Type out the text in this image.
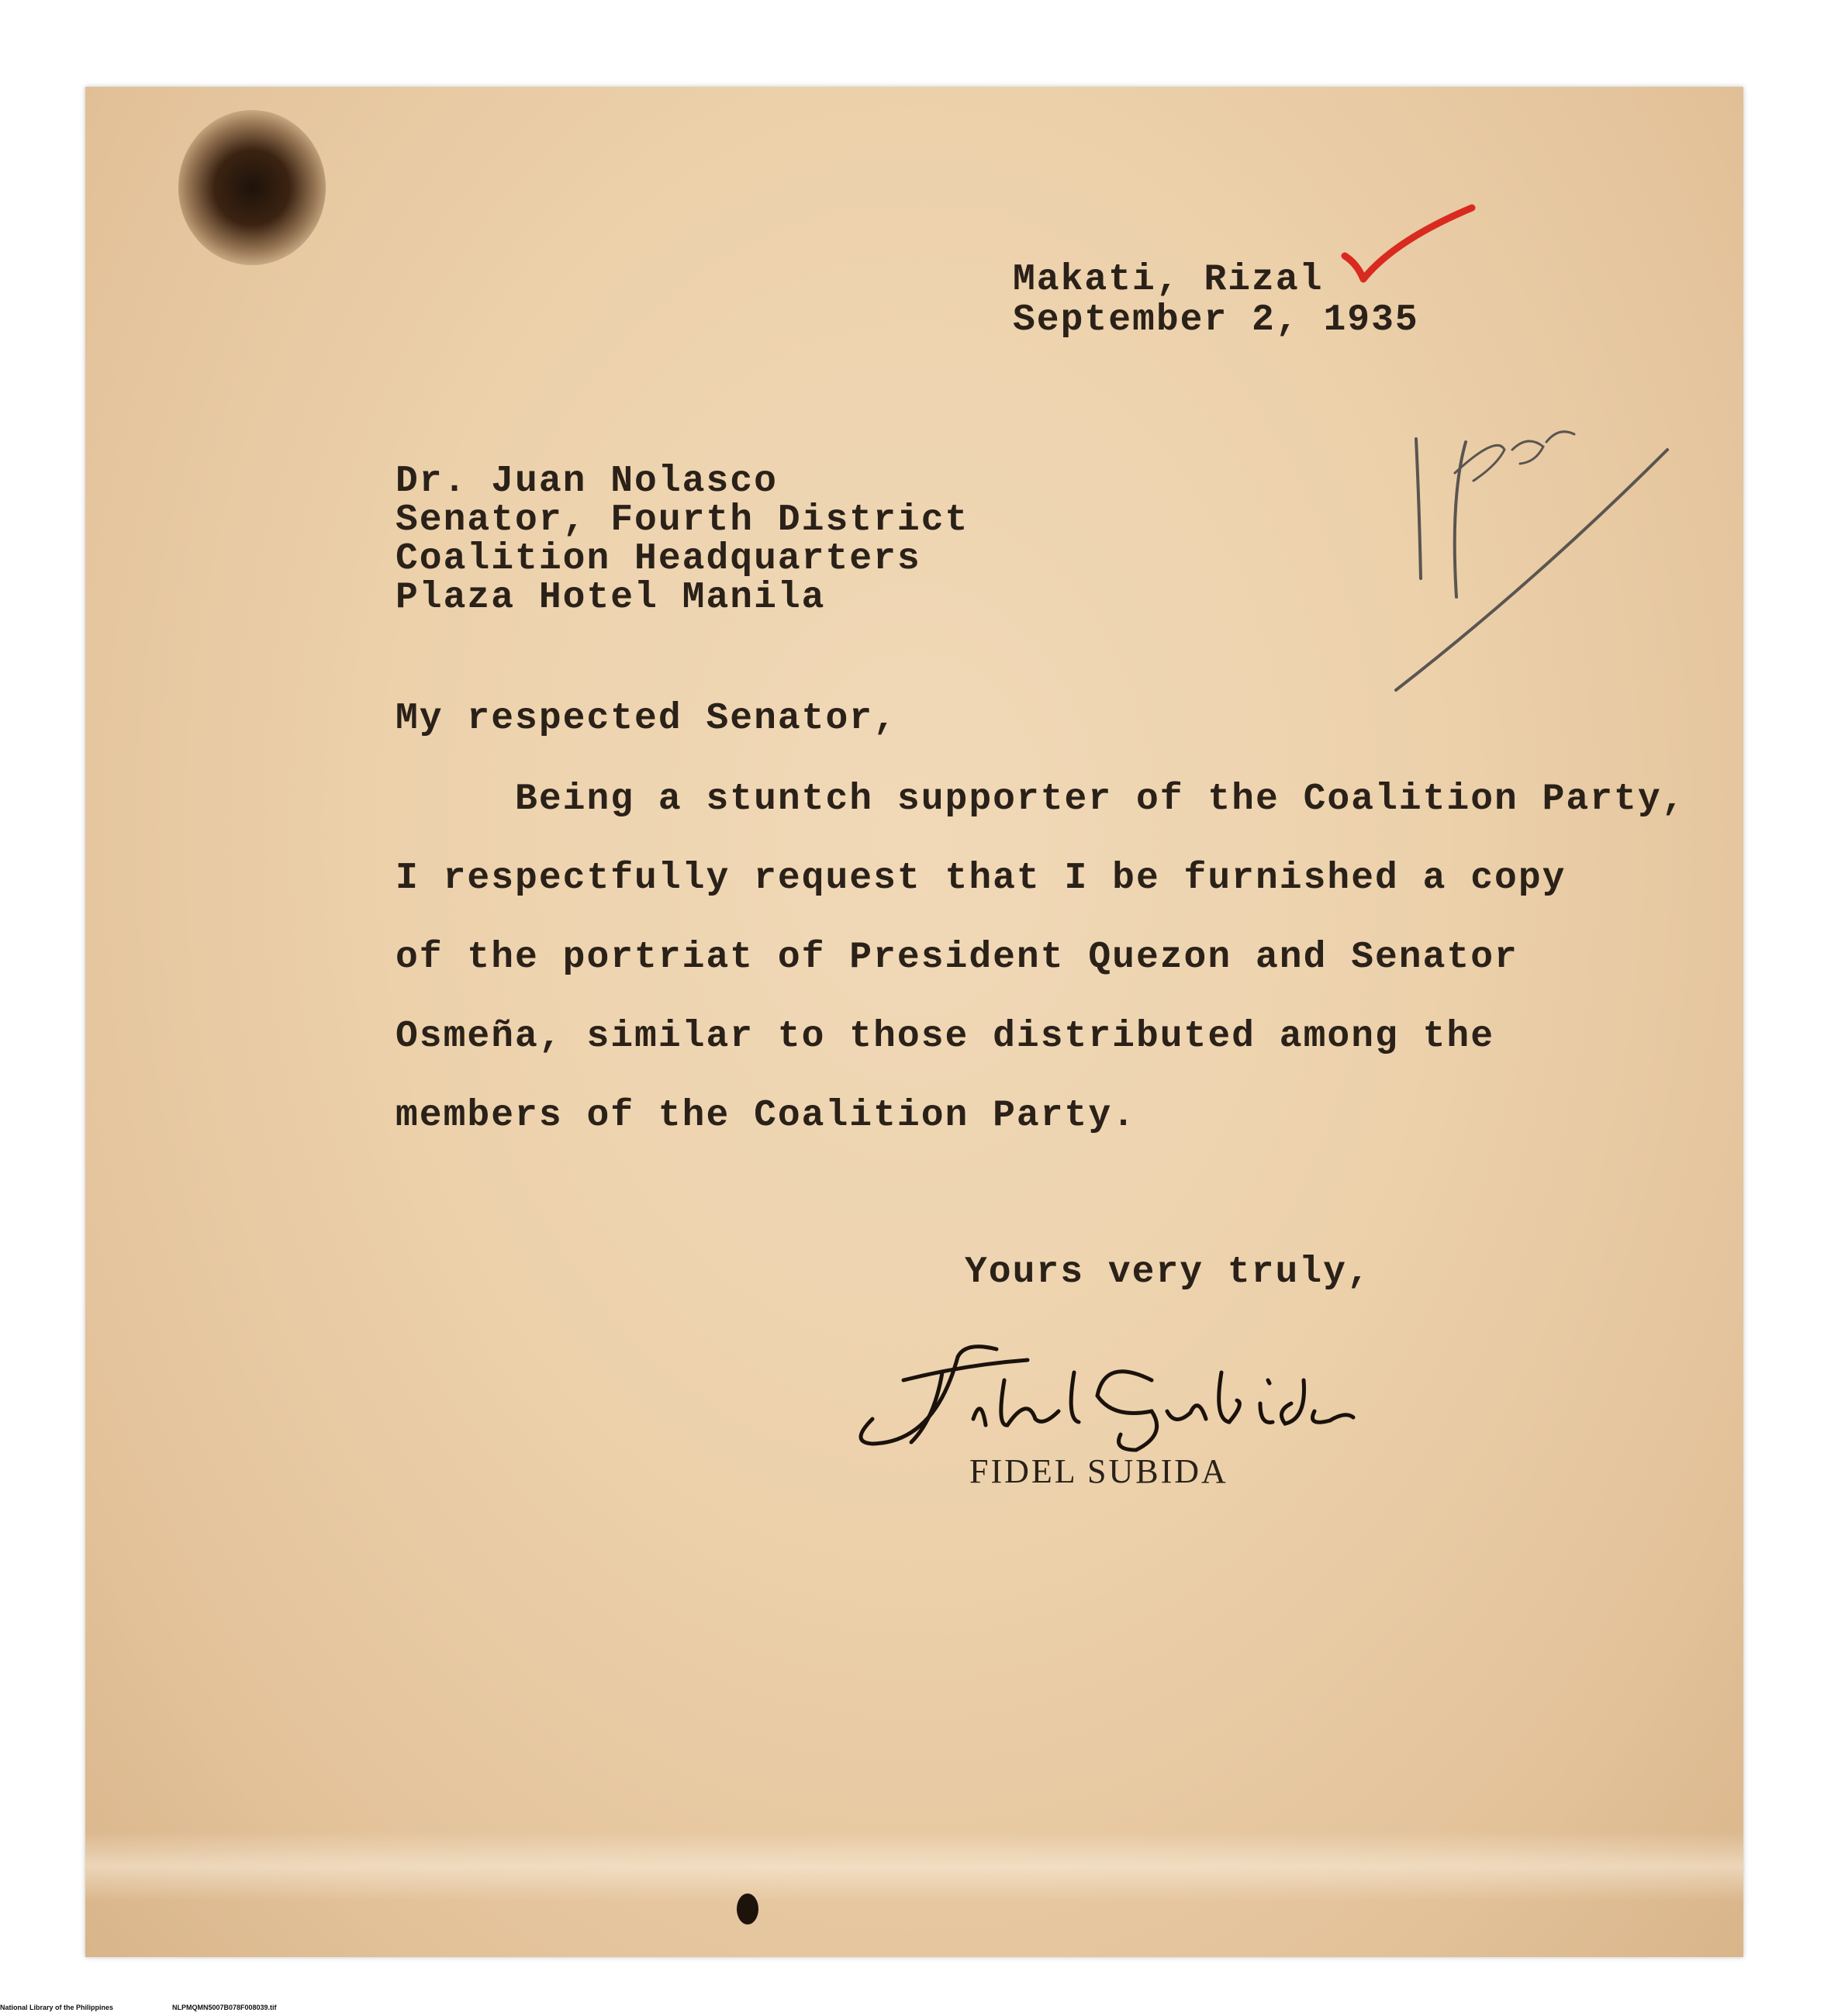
Makati, Rizal

September 2, 1935

Dr. Juan Nolasco

Senator, Fourth District

Coalition Headquarters

Plaza Hotel Manila

My respected Senator,

Being a stuntch supporter of the Coalition Party,

I respectfully request that I be furnished a copy

of the portriat of President Quezon and Senator

Osmeña, similar to those distributed among the

members of the Coalition Party.

Yours very truly,

FIDEL SUBIDA

National Library of the Philippines	NLPMQMN5007B078F008039.tif
